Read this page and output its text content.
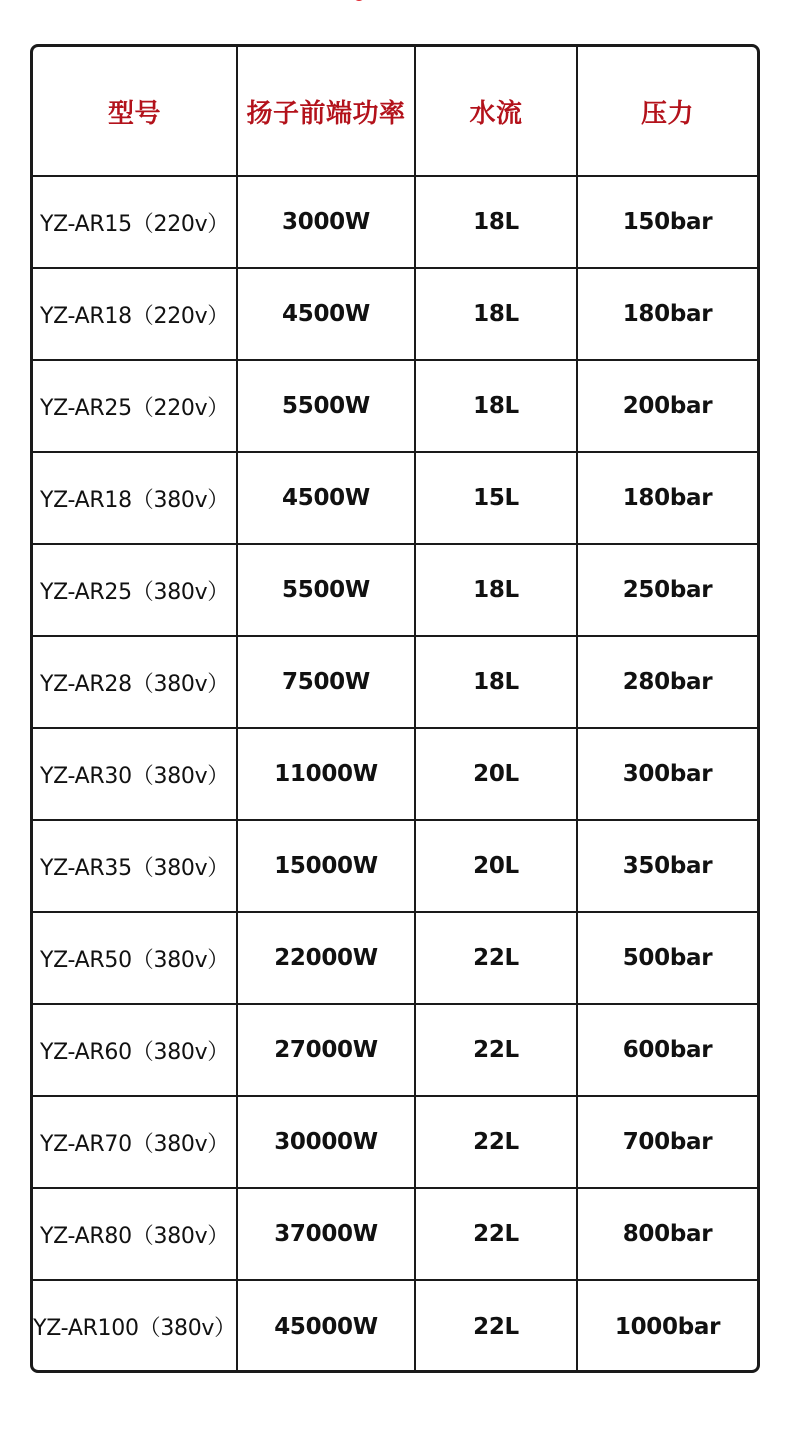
型号	扬子前端功率	水流	压力
YZ-AR15（220v）	3000W	18L	150bar
YZ-AR18（220v）	4500W	18L	180bar
YZ-AR25（220v）	5500W	18L	200bar
YZ-AR18（380v）	4500W	15L	180bar
YZ-AR25（380v）	5500W	18L	250bar
YZ-AR28（380v）	7500W	18L	280bar
YZ-AR30（380v）	11000W	20L	300bar
YZ-AR35（380v）	15000W	20L	350bar
YZ-AR50（380v）	22000W	22L	500bar
YZ-AR60（380v）	27000W	22L	600bar
YZ-AR70（380v）	30000W	22L	700bar
YZ-AR80（380v）	37000W	22L	800bar
YZ-AR100（380v）	45000W	22L	1000bar
